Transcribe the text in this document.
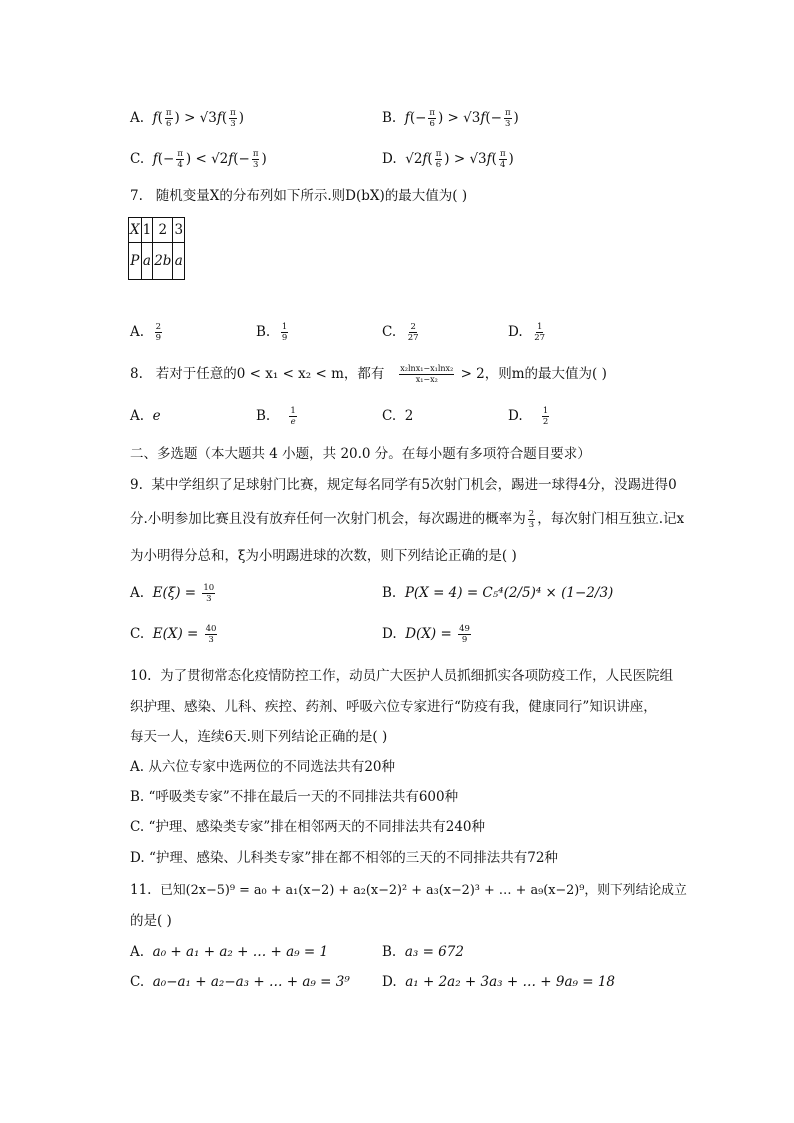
A.  $f( \frac{\pi}{6}$ ) > $√3f( \frac{\pi}{3}$ )	B.  $f(- \frac{\pi}{6}$ ) > $√3f(- \frac{\pi}{3}$ )
C.  $f(- \frac{\pi}{4}$ ) < $√2f(- \frac{\pi}{3}$ )	D.  $√2f( \frac{\pi}{6}$ ) > $√3f( \frac{\pi}{4}$ )
7. 随机变量X的分布列如下所示.则D(bX)的最大值为( )
X	1	2	3
P	a	2b	a
A. $\frac{2}{9}$	B. $\frac{1}{9}$	C. $\frac{2}{27}$	D. $\frac{1}{27}$
8. 若对于任意的0 < x₁ < x₂ < m，都有 $\frac{\text{x₂lnx₁−x₁lnx₂}}{\text{x₁−x₂}} > 2$，则m的最大值为( )
A. e	B. $\frac{1}{e}$	C. 2	D. $\frac{1}{2}$
二、多选题（本大题共 4 小题，共 20.0 分。在每小题有多项符合题目要求）
9. 某中学组织了足球射门比赛，规定每名同学有5次射门机会，踢进一球得4分，没踢进得0
分.小明参加比赛且没有放弃任何一次射门机会，每次踢进的概率为 $\frac{2}{3}$ ，每次射门相互独立.记x
为小明得分总和，ξ为小明踢进球的次数，则下列结论正确的是( )
A. $E(\xi) = \frac{10}{3}$	B. P(X = 4) = C₅⁴(2/5)⁴ × (1−2/3)
C. $E(X) = \frac{40}{3}$	D. $D(X) = \frac{49}{9}$
10. 为了贯彻常态化疫情防控工作，动员广大医护人员抓细抓实各项防疫工作，人民医院组
织护理、感染、儿科、疾控、药剂、呼吸六位专家进行“防疫有我，健康同行”知识讲座，
每天一人，连续6天.则下列结论正确的是( )
A. 从六位专家中选两位的不同选法共有20种
B. “呼吸类专家”不排在最后一天的不同排法共有600种
C. “护理、感染类专家”排在相邻两天的不同排法共有240种
D. “护理、感染、儿科类专家”排在都不相邻的三天的不同排法共有72种
11. 已知(2x−5)⁹ = a₀ + a₁(x−2) + a₂(x−2)² + a₃(x−2)³ + … + a₉(x−2)⁹，则下列结论成立
的是( )
A. a₀ + a₁ + a₂ + … + a₉ = 1	B. a₃ = 672
C. a₀−a₁ + a₂−a₃ + … + a₉ = 3⁹ D. a₁ + 2a₂ + 3a₃ + … + 9a₉ = 18
